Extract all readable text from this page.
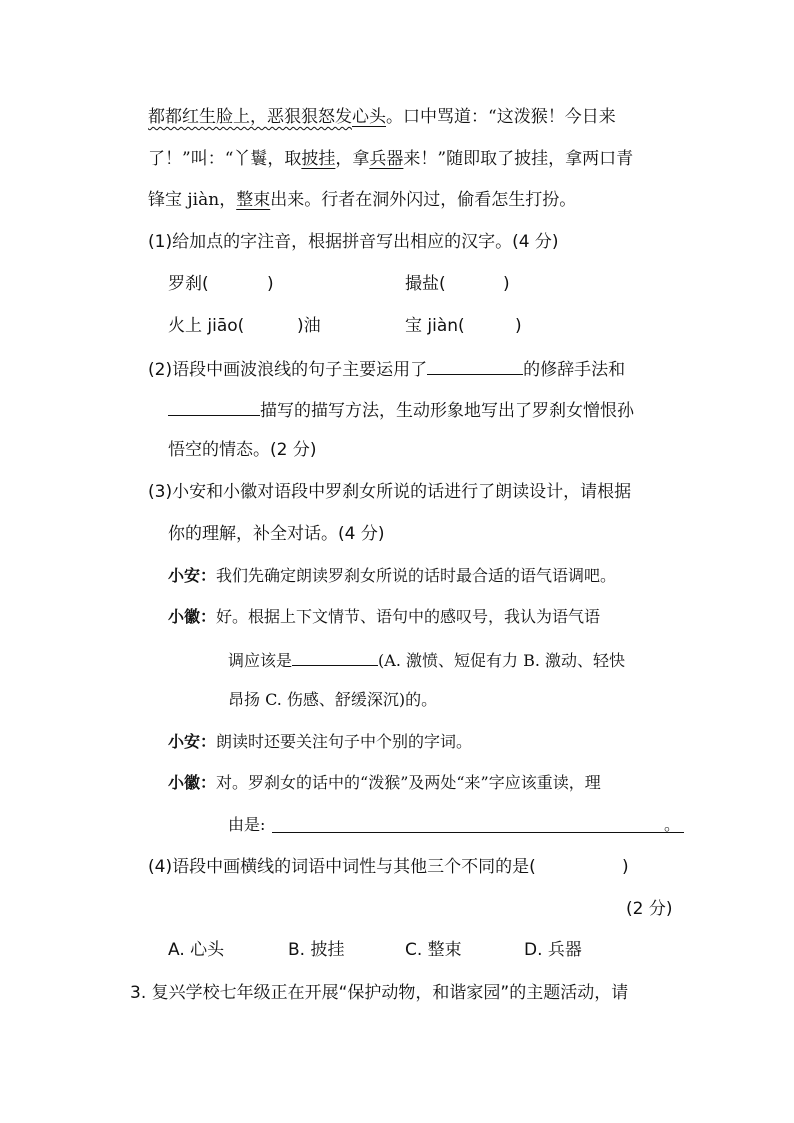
都都红生脸上，恶狠狠怒发心头。口中骂道：“这泼猴！今日来
了！”叫：“丫鬟，取披挂，拿兵器来！”随即取了披挂，拿两口青
锋宝 jiàn，整束出来。行者在洞外闪过，偷看怎生打扮。
(1)给加点的字注音，根据拼音写出相应的汉字。(4 分)
罗刹(	)	撮盐(	)
火上 jiāo(	)油	宝 jiàn(	)
(2)语段中画波浪线的句子主要运用了	的修辞手法和
描写的描写方法，生动形象地写出了罗刹女憎恨孙
悟空的情态。(2 分)
(3)小安和小徽对语段中罗刹女所说的话进行了朗读设计，请根据
你的理解，补全对话。(4 分)
小安：我们先确定朗读罗刹女所说的话时最合适的语气语调吧。
小徽：好。根据上下文情节、语句中的感叹号，我认为语气语
调应该是	(A. 激愤、短促有力 B. 激动、轻快
昂扬 C. 伤感、舒缓深沉)的。
小安：朗读时还要关注句子中个别的字词。
小徽：对。罗刹女的话中的“泼猴”及两处“来”字应该重读，理
由是:	。
(4)语段中画横线的词语中词性与其他三个不同的是(	)
(2 分)
A. 心头	B. 披挂	C. 整束	D. 兵器
3. 复兴学校七年级正在开展“保护动物，和谐家园”的主题活动，请
